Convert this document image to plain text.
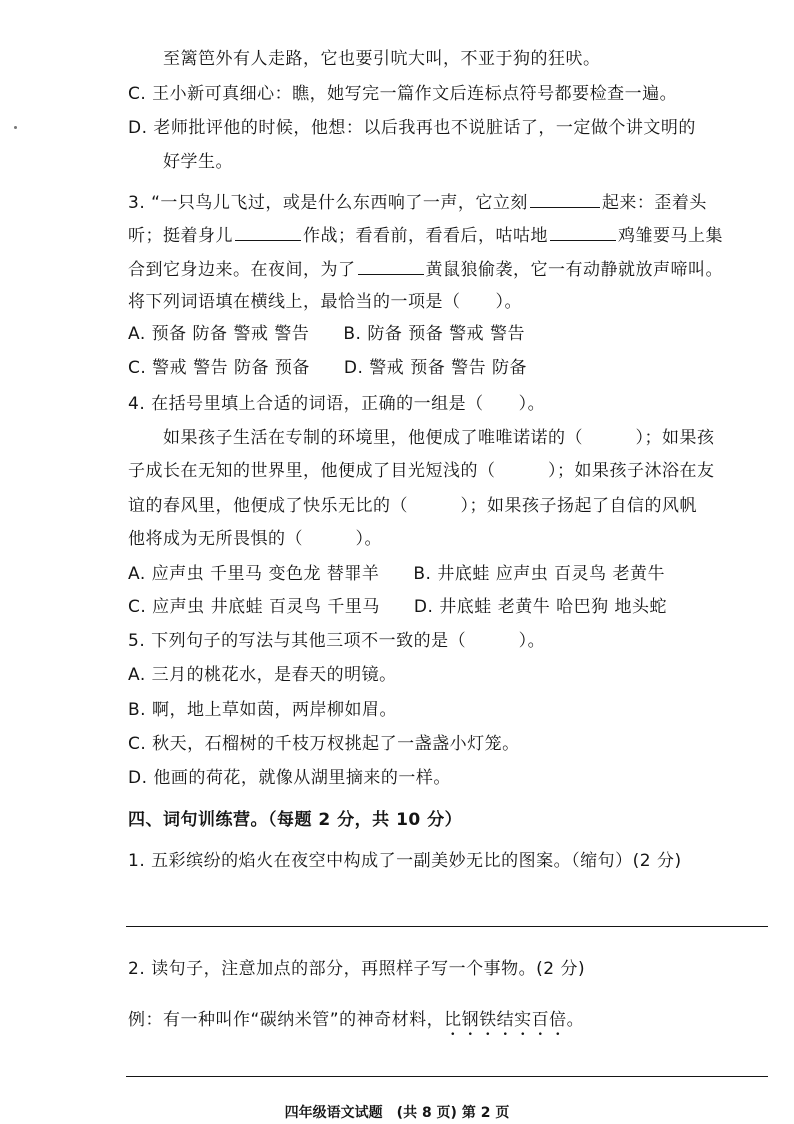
至篱笆外有人走路，它也要引吭大叫，不亚于狗的狂吠。
C. 王小新可真细心：瞧，她写完一篇作文后连标点符号都要检查一遍。
D. 老师批评他的时候，他想：以后我再也不说脏话了，一定做个讲文明的
好学生。
3. “一只鸟儿飞过，或是什么东西响了一声，它立刻	起来：歪着头
听；挺着身儿	作战；看看前，看看后，咕咕地	鸡雏要马上集
合到它身边来。在夜间，为了	黄鼠狼偷袭，它一有动静就放声啼叫。
将下列词语填在横线上，最恰当的一项是（　　）。
A. 预备 防备 警戒 警告 B. 防备 预备 警戒 警告
C. 警戒 警告 防备 预备 D. 警戒 预备 警告 防备
4. 在括号里填上合适的词语，正确的一组是（　　）。
如果孩子生活在专制的环境里，他便成了唯唯诺诺的（　　　）；如果孩
子成长在无知的世界里，他便成了目光短浅的（　　　）；如果孩子沐浴在友
谊的春风里，他便成了快乐无比的（　　　）；如果孩子扬起了自信的风帆
他将成为无所畏惧的（　　　）。
A. 应声虫 千里马 变色龙 替罪羊 B. 井底蛙 应声虫 百灵鸟 老黄牛
C. 应声虫 井底蛙 百灵鸟 千里马 D. 井底蛙 老黄牛 哈巴狗 地头蛇
5. 下列句子的写法与其他三项不一致的是（　　　）。
A. 三月的桃花水，是春天的明镜。
B. 啊，地上草如茵，两岸柳如眉。
C. 秋天，石榴树的千枝万杈挑起了一盏盏小灯笼。
D. 他画的荷花，就像从湖里摘来的一样。
四、词句训练营。（每题 2 分，共 10 分）
1. 五彩缤纷的焰火在夜空中构成了一副美妙无比的图案。（缩句）(2 分)
2. 读句子，注意加点的部分，再照样子写一个事物。(2 分)
例：有一种叫作“碳纳米管”的神奇材料，比钢铁结实百倍。
四年级语文试题　(共 8 页) 第 2 页
